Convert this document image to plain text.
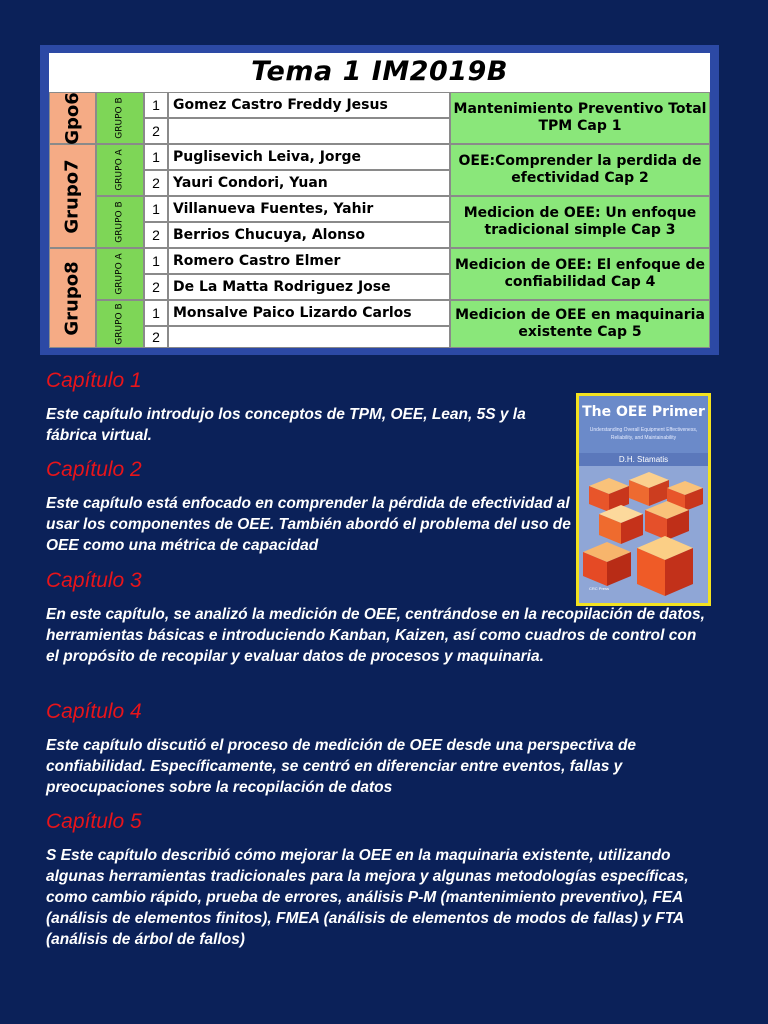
Tema 1 IM2019B
Gpo6
Grupo7
Grupo8
GRUPO B
GRUPO A
GRUPO B
GRUPO A
GRUPO B
1
2
1
2
1
2
1
2
1
2
Gomez Castro Freddy Jesus
Puglisevich Leiva, Jorge
Yauri Condori, Yuan
Villanueva Fuentes, Yahir
Berrios Chucuya, Alonso
Romero Castro Elmer
De La Matta Rodriguez Jose
Monsalve Paico Lizardo Carlos
Mantenimiento Preventivo Total TPM Cap 1
OEE:Comprender la perdida de efectividad Cap 2
Medicion de OEE: Un enfoque tradicional simple Cap 3
Medicion de OEE: El enfoque de confiabilidad Cap 4
Medicion de OEE en maquinaria existente Cap 5
Capítulo 1
Este capítulo introdujo los conceptos de TPM, OEE, Lean, 5S y la fábrica virtual.
Capítulo 2
Este capítulo está enfocado en comprender la pérdida de efectividad al usar los componentes de OEE. También abordó el problema del uso de OEE como una métrica de capacidad
Capítulo 3
En este capítulo, se analizó la medición de OEE, centrándose en la recopilación de datos, herramientas básicas e introduciendo Kanban, Kaizen, así como cuadros de control con el propósito de recopilar y evaluar datos de procesos y maquinaria.
Capítulo 4
Este capítulo discutió el proceso de medición de OEE desde una perspectiva de confiabilidad. Específicamente, se centró en diferenciar entre eventos, fallas y preocupaciones sobre la recopilación de datos
Capítulo 5
S Este capítulo describió cómo mejorar la OEE en la maquinaria existente, utilizando algunas herramientas tradicionales para la mejora y algunas metodologías específicas, como cambio rápido, prueba de errores, análisis P-M (mantenimiento preventivo), FEA (análisis de elementos finitos), FMEA (análisis de elementos de modos de fallas) y FTA (análisis de árbol de fallos)
The OEE Primer
Understanding Overall Equipment Effectiveness, Reliability, and Maintainability
D.H. Stamatis
CRC Press
